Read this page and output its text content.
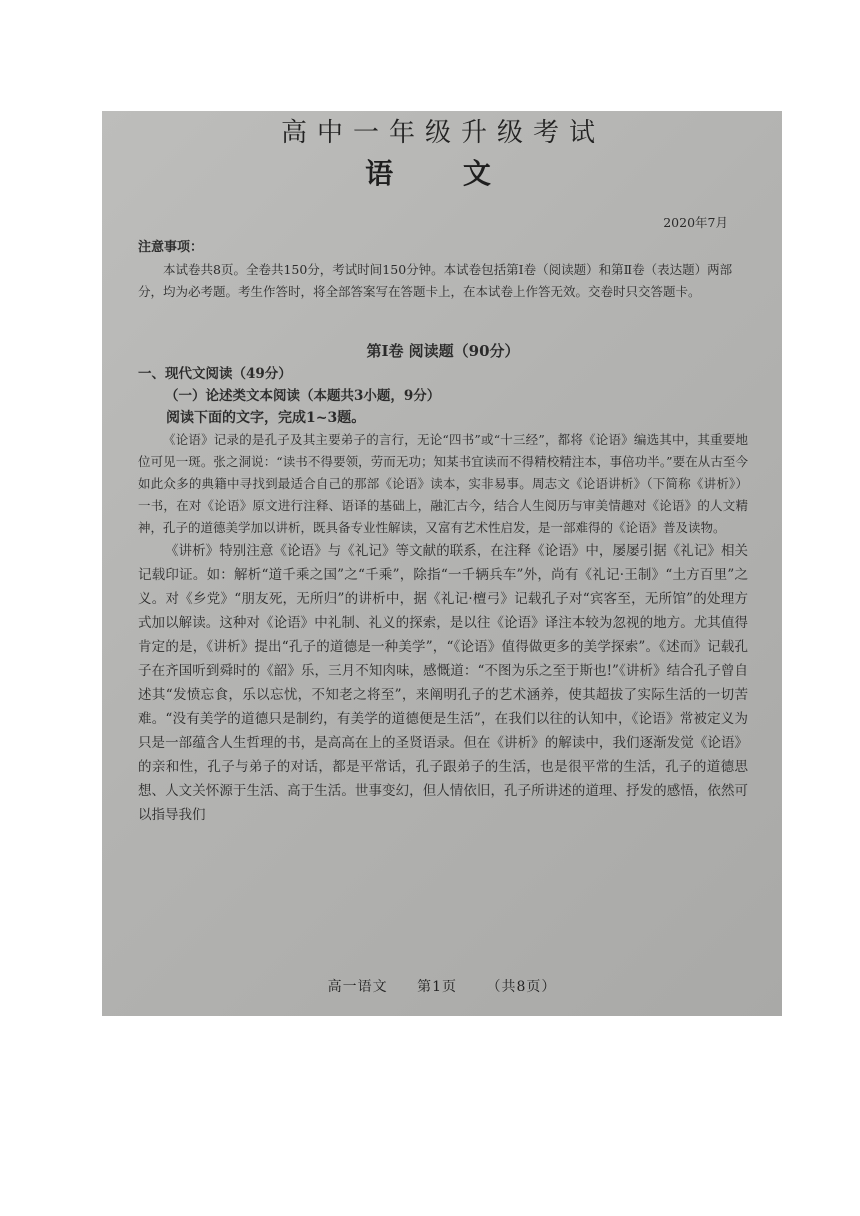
高中一年级升级考试
语 文
2020年7月
注意事项：
本试卷共8页。全卷共150分，考试时间150分钟。本试卷包括第Ⅰ卷（阅读题）和第Ⅱ卷（表达题）两部分，均为必考题。考生作答时，将全部答案写在答题卡上，在本试卷上作答无效。交卷时只交答题卡。
第Ⅰ卷 阅读题（90分）
一、现代文阅读（49分）
（一）论述类文本阅读（本题共3小题，9分）
阅读下面的文字，完成1~3题。
《论语》记录的是孔子及其主要弟子的言行，无论“四书”或“十三经”，都将《论语》编选其中，其重要地位可见一斑。张之洞说：“读书不得要领，劳而无功；知某书宜读而不得精校精注本，事倍功半。”要在从古至今如此众多的典籍中寻找到最适合自己的那部《论语》读本，实非易事。周志文《论语讲析》（下简称《讲析》）一书，在对《论语》原文进行注释、语译的基础上，融汇古今，结合人生阅历与审美情趣对《论语》的人文精神，孔子的道德美学加以讲析，既具备专业性解读，又富有艺术性启发，是一部难得的《论语》普及读物。
《讲析》特别注意《论语》与《礼记》等文献的联系，在注释《论语》中，屡屡引据《礼记》相关记载印证。如：解析“道千乘之国”之“千乘”，除指“一千辆兵车”外，尚有《礼记·王制》“土方百里”之义。对《乡党》“朋友死，无所归”的讲析中，据《礼记·檀弓》记载孔子对“宾客至，无所馆”的处理方式加以解读。这种对《论语》中礼制、礼义的探索，是以往《论语》译注本较为忽视的地方。尤其值得肯定的是，《讲析》提出“孔子的道德是一种美学”，“《论语》值得做更多的美学探索”。《述而》记载孔子在齐国听到舜时的《韶》乐，三月不知肉味，感慨道：“不图为乐之至于斯也!”《讲析》结合孔子曾自述其“发愤忘食，乐以忘忧，不知老之将至”，来阐明孔子的艺术涵养，使其超拔了实际生活的一切苦难。“没有美学的道德只是制约，有美学的道德便是生活”，在我们以往的认知中，《论语》常被定义为只是一部蕴含人生哲理的书，是高高在上的圣贤语录。但在《讲析》的解读中，我们逐渐发觉《论语》的亲和性，孔子与弟子的对话，都是平常话，孔子跟弟子的生活，也是很平常的生活，孔子的道德思想、人文关怀源于生活、高于生活。世事变幻，但人情依旧，孔子所讲述的道理、抒发的感悟，依然可以指导我们
高一语文 第1页 （共8页）
